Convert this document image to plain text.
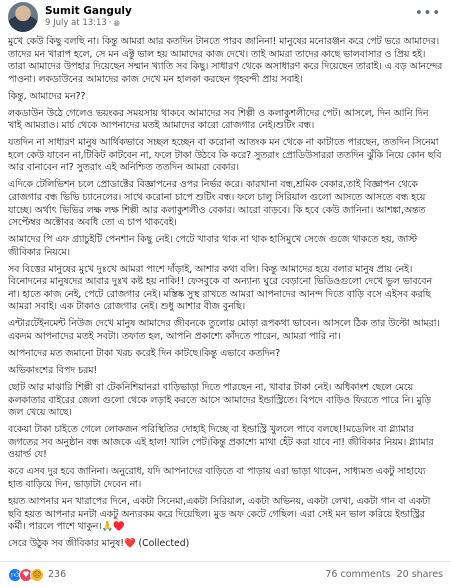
Sumit Ganguly
9 July at 13:13 · 🌐︎
•••

মুখে কেউ কিছু বলছি না। কিন্তু আমরা আর কতদিন টানতে পারব জানিনা! মানুষের মনোরঞ্জন করে পেট ভরে আমাদের। তাদের মন খারাপ হলে, সে মন এক্টু ভাল হয় আমাদের কাজ দেখে। তাই আমরা তাদের কাছে ভালবাসার ও প্রিয় হই। তারা আমাদের উপহার দিয়েছেন সম্মান খ্যাতি সব কিছু। সাধারণ থেকে অসাধারণ করে দিয়েছেন তারাই। এ বড় আনন্দের পাওনা। লকডাউনের আমাদের কাজ দেখে মন হালকা করছেন গৃহবন্দী প্রায় সবাই।

কিন্তু, আমাদের মন??

লকডাউন উঠে গেলেও ভয়ংকর সময়সায় থাকবে আমাদের সব শিল্পী ও কলাকুশলীদের পেট। আসলে, দিন আনি দিন খাই আমরাও। মার্চ থেকে আপনাদের মতই আমাদের কারো রোজগার নেই।শুটিং বন্ধ।

যতদিন না সাধারণ মানুষ আর্থিকভাবে সচ্ছল হচ্ছেন বা করোনা আতংক মন থেকে না কাটাতে পারছেন, ততদিন সিনেমা হলে কেউ যাবেন না,টিকিট কাটবেন না, ফলে টাকা উঠবে কি করে? সুতরাং প্রোডিউসাররা ততদিন ঝুঁকি নিয়ে কোন ছবি আর বানাবেন না? সুতরাং এই অনিশ্চিত ততদিন আমরা বেকার।

এদিকে টেলিভিশন চলে প্রোডাক্টের বিজ্ঞাপনের ওপর নির্ভর করে। কারখানা বন্ধ,শ্রমিক বেকার,তাই বিজ্ঞাপন থেকে রোজগার বন্ধ ভিভি চ্যানেলের। সাথে করোনা চাপে শুটিং বন্ধ। ফলে চালু সিরিয়াল গুলো আসতে আসতে বন্ধ হয়ে যাচ্ছে। অর্থাৎ ভিভির লক্ষ লক্ষ শিল্পী আর কলাকুশলীও বেকার। আরো বাড়বে। কি হবে কেউ জানিনা। আশঙ্কা,অন্তত সেপ্টেম্বর অক্টোবর অবধি তো এ চাপ থাকবেই।

আমাদের পি এফ গ্র্যাচুইটি পেনশান কিছু নেই। পেটে খাবার থাক না থাক হাসিমুখে সেজে গুজে থাকতে হয়, জাস্ট জীবিকার নিয়মে।

সব বিত্তের মানুষের মুখে দুঃখে আমরা পাশে দাঁড়াই, আশার কথা বলি। কিন্তু আমাদের হয়ে বলার মানুষ প্রায় নেই। বিনোদনের মানুষদের আবার দুঃখ কষ্ট হয় নাকি!! ফেসবুকে বা অন্যান্য ঘুরে বেড়ানো ভিডিওগুলো দেখে ভুল ভাববেন না। হাতে কাজ নেই, পেটে রোজগার নেই। মস্তিষ্ক সুস্থ রাখতে আমরা আপনাদের আনন্দ দিতে বাড়ি বসে এইসব করছি আমরা সবাই। এক টাকাও রোজগার নেই। শুধু আশার বীজ বুনছি।

এন্টারটেইনমেন্ট নিউজ দেখে মানুষ আমাদের জীবনকে তুলোয় মোড়া রূপকথা ভাবেন। আসলে ঠিক তার উল্টো আমরা। একদম আপনাদের মতই সবটা। তফাত হল, আপনি প্রকাশ্যে কাঁদতে পারেন, আমরা পারি না।

আপনাদের মত জমানো টাকা খরচ করেই দিন কাটছে।কিন্তু এভাবে কতদিন?

অভিকাংশের বিপদ চরম!

ছোট আর মাঝারি শিল্পী বা টেকনিশিয়ানরা বাড়িভাড়া দিতে পারছেন না, খাবার টাকা নেই। অধিকাংশ ছেলে মেয়ে কলকাতার বাইরের জেলা গুলো থেকে লড়াই করতে আসে আমাদের ইন্ডাস্ট্রিতে। বিপদে বাড়িও ফিরতে পারে নি। মুড়ি জল খেয়ে আছে।

বকেয়া টাকা চাইতে গেলে লোকজন পরিস্থিতির দোহাই দিচ্ছে বা ইন্ডাস্ট্রি খুললে পাবে বলছে!!মডেলিং বা গ্ল্যামার জগতের সব অনুষ্ঠান বন্ধ আজকে এই হাল! খালি পেট।কিন্তু প্রকাশ্যে মাথা হেঁট করা যাবে না! জীবিকার নিয়ম। গ্ল্যামার ওয়ার্ল্ড যে!

কবে এসব দুর হবে জানিনা। অনুরোধ, যদি আপনাদের বাড়িতে বা পাড়ায় এরা ভাড়া থাকেন, সাধ্যমত একটু সাহায্যে হাত বাড়িয়ে দিন, ভাড়াটা দেবেন না।

হয়ত আপনার মন খারাপের দিনে, একটা সিনেমা,একটা সিরিয়াল, একটা অভিনয়, একটা লেখা, একটা গান বা একটা ছবি হয়ত আপনার মনটা একটু অন্যরকম করে দিয়েছিল। মুড অফ কেটে গেছিল। এরা সেই মন ভাল করিয়ে ইন্ডাস্ট্রির কর্মী। পারলে পাশে থাকুন।🙏♥️

সেরে উঠুক সব জীবিকার মানুষ!❤️ (Collected)

👍︎ ♥ ☹ 236	76 comments 20 shares
